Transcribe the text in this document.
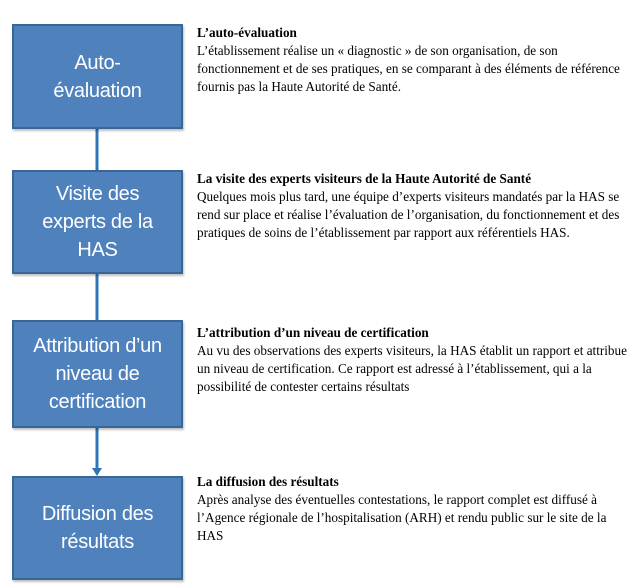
Auto-
évaluation
L’auto-évaluation
L’établissement réalise un « diagnostic » de son organisation, de son fonctionnement et de ses pratiques, en se comparant à des éléments de référence fournis pas la Haute Autorité de Santé.
Visite des experts de la HAS
La visite des experts visiteurs de la Haute Autorité de Santé
Quelques mois plus tard, une équipe d’experts visiteurs mandatés par la HAS se rend sur place et réalise l’évaluation de l’organisation, du fonctionnement et des pratiques de soins de l’établissement par rapport aux référentiels HAS.
Attribution d’un niveau de certification
L’attribution d’un niveau de certification
Au vu des observations des experts visiteurs, la HAS établit un rapport et attribue un niveau de certification. Ce rapport est adressé à l’établissement, qui a la possibilité de contester certains résultats
Diffusion des résultats
La diffusion des résultats
Après analyse des éventuelles contestations, le rapport complet est diffusé à l’Agence régionale de l’hospitalisation (ARH) et rendu public sur le site de la HAS
